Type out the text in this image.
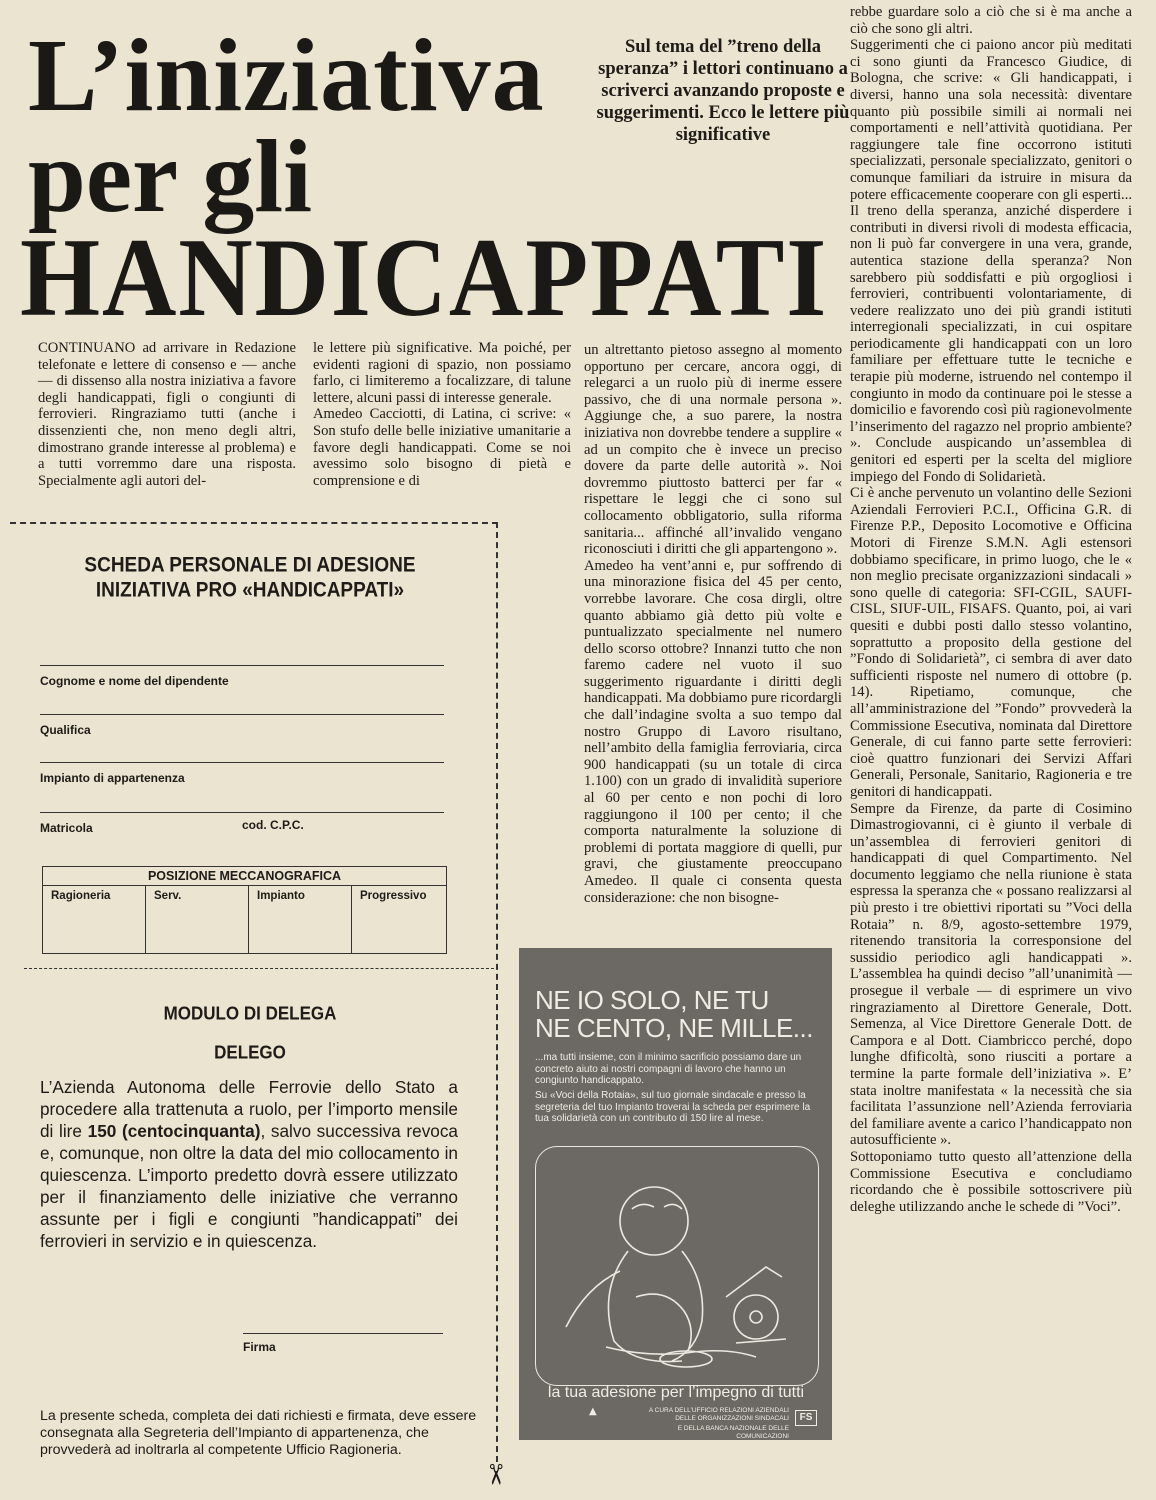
L’iniziativa
per gli
HANDICAPPATI
Sul tema del ”treno della speranza” i lettori continuano a scriverci avanzando proposte e suggerimenti. Ecco le lettere più significative

CONTINUANO ad arrivare in Redazione telefonate e lettere di consenso e — anche — di dissenso alla nostra iniziativa a favore degli handicappati, figli o congiunti di ferrovieri. Ringraziamo tutti (anche i dissenzienti che, non meno degli altri, dimostrano grande interesse al problema) e a tutti vorremmo dare una risposta. Specialmente agli autori del-

le lettere più significative. Ma poiché, per evidenti ragioni di spazio, non possiamo farlo, ci limiteremo a focalizzare, di talune lettere, alcuni passi di interesse generale.
Amedeo Cacciotti, di Latina, ci scrive: « Son stufo delle belle iniziative umanitarie a favore degli handicappati. Come se noi avessimo solo bisogno di pietà e comprensione e di

un altrettanto pietoso assegno al momento opportuno per cercare, ancora oggi, di relegarci a un ruolo più di inerme essere passivo, che di una normale persona ». Aggiunge che, a suo parere, la nostra iniziativa non dovrebbe tendere a supplire « ad un compito che è invece un preciso dovere da parte delle autorità ». Noi dovremmo piuttosto batterci per far « rispettare le leggi che ci sono sul collocamento obbligatorio, sulla riforma sanitaria... affinché all’invalido vengano riconosciuti i diritti che gli appartengono ».
Amedeo ha vent’anni e, pur soffrendo di una minorazione fisica del 45 per cento, vorrebbe lavorare. Che cosa dirgli, oltre quanto abbiamo già detto più volte e puntualizzato specialmente nel numero dello scorso ottobre? Innanzi tutto che non faremo cadere nel vuoto il suo suggerimento riguardante i diritti degli handicappati. Ma dobbiamo pure ricordargli che dall’indagine svolta a suo tempo dal nostro Gruppo di Lavoro risultano, nell’ambito della famiglia ferroviaria, circa 900 handicappati (su un totale di circa 1.100) con un grado di invalidità superiore al 60 per cento e non pochi di loro raggiungono il 100 per cento; il che comporta naturalmente la soluzione di problemi di portata maggiore di quelli, pur gravi, che giustamente preoccupano Amedeo. Il quale ci consenta questa considerazione: che non bisogne-

rebbe guardare solo a ciò che si è ma anche a ciò che sono gli altri.
Suggerimenti che ci paiono ancor più meditati ci sono giunti da Francesco Giudice, di Bologna, che scrive: « Gli handicappati, i diversi, hanno una sola necessità: diventare quanto più possibile simili ai normali nei comportamenti e nell’attività quotidiana. Per raggiungere tale fine occorrono istituti specializzati, personale specializzato, genitori o comunque familiari da istruire in misura da potere efficacemente cooperare con gli esperti... Il treno della speranza, anziché disperdere i contributi in diversi rivoli di modesta efficacia, non li può far convergere in una vera, grande, autentica stazione della speranza? Non sarebbero più soddisfatti e più orgogliosi i ferrovieri, contribuenti volontariamente, di vedere realizzato uno dei più grandi istituti interregionali specializzati, in cui ospitare periodicamente gli handicappati con un loro familiare per effettuare tutte le tecniche e terapie più moderne, istruendo nel contempo il congiunto in modo da continuare poi le stesse a domicilio e favorendo così più ragionevolmente l’inserimento del ragazzo nel proprio ambiente? ». Conclude auspicando un’assemblea di genitori ed esperti per la scelta del migliore impiego del Fondo di Solidarietà.
Ci è anche pervenuto un volantino delle Sezioni Aziendali Ferrovieri P.C.I., Officina G.R. di Firenze P.P., Deposito Locomotive e Officina Motori di Firenze S.M.N. Agli estensori dobbiamo specificare, in primo luogo, che le « non meglio precisate organizzazioni sindacali » sono quelle di categoria: SFI-CGIL, SAUFI-CISL, SIUF-UIL, FISAFS. Quanto, poi, ai vari quesiti e dubbi posti dallo stesso volantino, soprattutto a proposito della gestione del ”Fondo di Solidarietà”, ci sembra di aver dato sufficienti risposte nel numero di ottobre (p. 14). Ripetiamo, comunque, che all’amministrazione del ”Fondo” provvederà la Commissione Esecutiva, nominata dal Direttore Generale, di cui fanno parte sette ferrovieri: cioè quattro funzionari dei Servizi Affari Generali, Personale, Sanitario, Ragioneria e tre genitori di handicappati.
Sempre da Firenze, da parte di Cosimino Dimastrogiovanni, ci è giunto il verbale di un’assemblea di ferrovieri genitori di handicappati di quel Compartimento. Nel documento leggiamo che nella riunione è stata espressa la speranza che « possano realizzarsi al più presto i tre obiettivi riportati su ”Voci della Rotaia” n. 8/9, agosto-settembre 1979, ritenendo transitoria la corresponsione del sussidio periodico agli handicappati ». L’assemblea ha quindi deciso ”all’unanimità — prosegue il verbale — di esprimere un vivo ringraziamento al Direttore Generale, Dott. Semenza, al Vice Direttore Generale Dott. de Campora e al Dott. Ciambricco perché, dopo lunghe dfificoltà, sono riusciti a portare a termine la parte formale dell’iniziativa ». E’ stata inoltre manifestata « la necessità che sia facilitata l’assunzione nell’Azienda ferroviaria del familiare avente a carico l’handicappato non autosufficiente ».
Sottoponiamo tutto questo all’attenzione della Commissione Esecutiva e concludiamo ricordando che è possibile sottoscrivere più deleghe utilizzando anche le schede di ”Voci”.

✂
SCHEDA PERSONALE DI ADESIONE
INIZIATIVA PRO «HANDICAPPATI»
Cognome e nome del dipendente
Qualifica
Impianto di appartenenza
Matricola	cod. C.P.C.
POSIZIONE MECCANOGRAFICA
Ragioneria	Serv.	Impianto	Progressivo
MODULO DI DELEGA
DELEGO
L’Azienda Autonoma delle Ferrovie dello Stato a procedere alla trattenuta a ruolo, per l’importo mensile di lire 150 (centocinquanta), salvo successiva revoca e, comunque, non oltre la data del mio collocamento in quiescenza. L’importo predetto dovrà essere utilizzato per il finanziamento delle iniziative che verranno assunte per i figli e congiunti ”handicappati” dei ferrovieri in servizio e in quiescenza.
Firma
La presente scheda, completa dei dati richiesti e firmata, deve essere consegnata alla Segreteria dell’Impianto di appartenenza, che provvederà ad inoltrarla al competente Ufficio Ragioneria.
NE IO SOLO, NE TU
NE CENTO, NE MILLE...
...ma tutti insieme, con il minimo sacrificio possiamo dare un concreto aiuto ai nostri compagni di lavoro che hanno un congiunto handicappato.
Su «Voci della Rotaia», sul tuo giornale sindacale e presso la segreteria del tuo Impianto troverai la scheda per esprimere la tua solidarietà con un contributo di 150 lire al mese.
la tua adesione per l’impegno di tutti
▲	A CURA DELL’UFFICIO RELAZIONI AZIENDALI DELLE ORGANIZZAZIONI SINDACALI
E DELLA BANCA NAZIONALE DELLE COMUNICAZIONI
FS
